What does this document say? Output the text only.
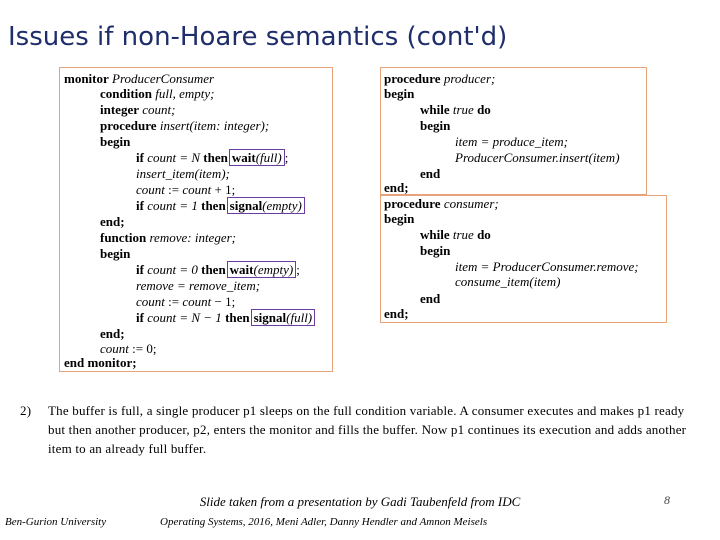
Issues if non-Hoare semantics (cont'd)
monitor ProducerConsumer
condition full, empty;
integer count;
procedure insert(item: integer);
begin
if count = N then wait(full) ;
insert_item(item);
count := count + 1;
if count = 1 then signal(empty)
end;
function remove: integer;
begin
if count = 0 then wait(empty) ;
remove = remove_item;
count := count − 1;
if count = N − 1 then signal(full)
end;
count := 0;
end monitor;
procedure producer;
begin
while true do
begin
item = produce_item;
ProducerConsumer.insert(item)
end
end;
procedure consumer;
begin
while true do
begin
item = ProducerConsumer.remove;
consume_item(item)
end
end;
2) The buffer is full, a single producer p1 sleeps on the full condition variable. A consumer executes and makes p1 ready but then another producer, p2, enters the monitor and fills the buffer. Now p1 continues its execution and adds another item to an already full buffer.
Slide taken from a presentation by Gadi Taubenfeld from IDC	8
Ben-Gurion University	Operating Systems, 2016, Meni Adler, Danny Hendler and Amnon Meisels
